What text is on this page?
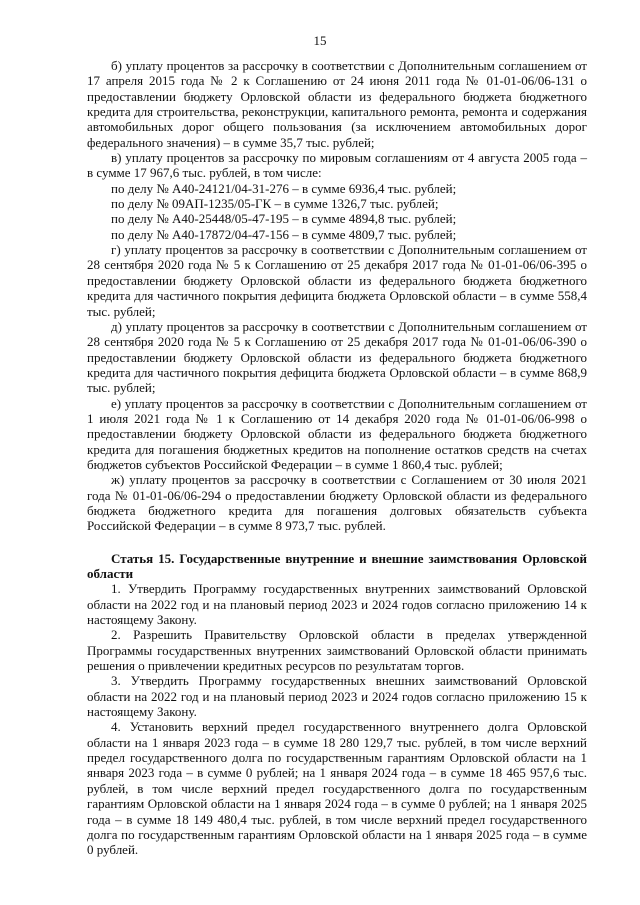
15

б) уплату процентов за рассрочку в соответствии с Дополнительным соглашением от 17 апреля 2015 года № 2 к Соглашению от 24 июня 2011 года № 01-01-06/06-131 о предоставлении бюджету Орловской области из федерального бюджета бюджетного кредита для строительства, реконструкции, капитального ремонта, ремонта и содержания автомобильных дорог общего пользования (за исключением автомобильных дорог федерального значения) – в сумме 35,7 тыс. рублей;

в) уплату процентов за рассрочку по мировым соглашениям от 4 августа 2005 года – в сумме 17 967,6 тыс. рублей, в том числе:

по делу № А40-24121/04-31-276 – в сумме 6936,4 тыс. рублей;

по делу № 09АП-1235/05-ГК – в сумме 1326,7 тыс. рублей;

по делу № А40-25448/05-47-195 – в сумме 4894,8 тыс. рублей;

по делу № А40-17872/04-47-156 – в сумме 4809,7 тыс. рублей;

г) уплату процентов за рассрочку в соответствии с Дополнительным соглашением от 28 сентября 2020 года № 5 к Соглашению от 25 декабря 2017 года № 01-01-06/06-395 о предоставлении бюджету Орловской области из федерального бюджета бюджетного кредита для частичного покрытия дефицита бюджета Орловской области – в сумме 558,4 тыс. рублей;

д) уплату процентов за рассрочку в соответствии с Дополнительным соглашением от 28 сентября 2020 года № 5 к Соглашению от 25 декабря 2017 года № 01-01-06/06-390 о предоставлении бюджету Орловской области из федерального бюджета бюджетного кредита для частичного покрытия дефицита бюджета Орловской области – в сумме 868,9 тыс. рублей;

е) уплату процентов за рассрочку в соответствии с Дополнительным соглашением от 1 июля 2021 года № 1 к Соглашению от 14 декабря 2020 года № 01-01-06/06-998 о предоставлении бюджету Орловской области из федерального бюджета бюджетного кредита для погашения бюджетных кредитов на пополнение остатков средств на счетах бюджетов субъектов Российской Федерации – в сумме 1 860,4 тыс. рублей;

ж) уплату процентов за рассрочку в соответствии с Соглашением от 30 июля 2021 года № 01-01-06/06-294 о предоставлении бюджету Орловской области из федерального бюджета бюджетного кредита для погашения долговых обязательств субъекта Российской Федерации – в сумме 8 973,7 тыс. рублей.

Статья 15. Государственные внутренние и внешние заимствования Орловской области

1. Утвердить Программу государственных внутренних заимствований Орловской области на 2022 год и на плановый период 2023 и 2024 годов согласно приложению 14 к настоящему Закону.

2. Разрешить Правительству Орловской области в пределах утвержденной Программы государственных внутренних заимствований Орловской области принимать решения о привлечении кредитных ресурсов по результатам торгов.

3. Утвердить Программу государственных внешних заимствований Орловской области на 2022 год и на плановый период 2023 и 2024 годов согласно приложению 15 к настоящему Закону.

4. Установить верхний предел государственного внутреннего долга Орловской области на 1 января 2023 года – в сумме 18 280 129,7 тыс. рублей, в том числе верхний предел государственного долга по государственным гарантиям Орловской области на 1 января 2023 года – в сумме 0 рублей; на 1 января 2024 года – в сумме 18 465 957,6 тыс. рублей, в том числе верхний предел государственного долга по государственным гарантиям Орловской области на 1 января 2024 года – в сумме 0 рублей; на 1 января 2025 года – в сумме 18 149 480,4 тыс. рублей, в том числе верхний предел государственного долга по государственным гарантиям Орловской области на 1 января 2025 года – в сумме 0 рублей.
